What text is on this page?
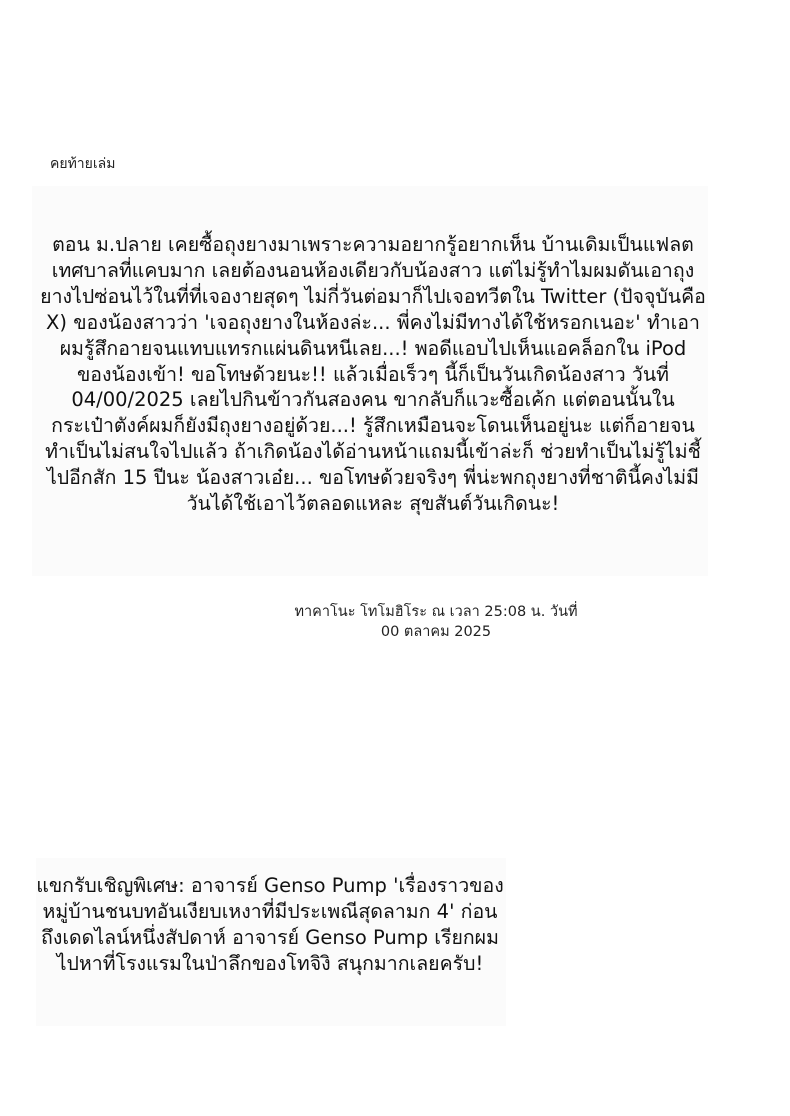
คยท้ายเล่ม
ตอน ม.ปลาย เคยซื้อถุงยางมาเพราะความอยากรู้อยากเห็น บ้านเดิมเป็นแฟลตเทศบาลที่แคบมาก เลยต้องนอนห้องเดียวกับน้องสาว แต่ไม่รู้ทำไมผมดันเอาถุงยางไปซ่อนไว้ในที่ที่เจองายสุดๆ ไม่กี่วันต่อมาก็ไปเจอทวีตใน Twitter (ปัจจุบันคือ X) ของน้องสาวว่า 'เจอถุงยางในห้องล่ะ... พี่คงไม่มีทางได้ใช้หรอกเนอะ' ทำเอาผมรู้สึกอายจนแทบแทรกแผ่นดินหนีเลย...! พอดีแอบไปเห็นแอคล็อกใน iPod ของน้องเข้า! ขอโทษด้วยนะ!! แล้วเมื่อเร็วๆ นี้ก็เป็นวันเกิดน้องสาว วันที่ 04/00/2025 เลยไปกินข้าวกันสองคน ขากลับก็แวะซื้อเค้ก แต่ตอนนั้นในกระเป๋าตังค์ผมก็ยังมีถุงยางอยู่ด้วย...! รู้สึกเหมือนจะโดนเห็นอยู่นะ แต่ก็อายจนทำเป็นไม่สนใจไปแล้ว ถ้าเกิดน้องได้อ่านหน้าแถมนี้เข้าล่ะก็ ช่วยทำเป็นไม่รู้ไม่ชี้ไปอีกสัก 15 ปีนะ น้องสาวเอ๋ย... ขอโทษด้วยจริงๆ พี่น่ะพกถุงยางที่ชาตินี้คงไม่มีวันได้ใช้เอาไว้ตลอดแหละ สุขสันต์วันเกิดนะ!
ทาคาโนะ โทโมฮิโระ ณ เวลา 25:08 น. วันที่ 00 ตลาคม 2025
แขกรับเชิญพิเศษ: อาจารย์ Genso Pump 'เรื่องราวของหมู่บ้านชนบทอันเงียบเหงาที่มีประเพณีสุดลามก 4' ก่อนถึงเดดไลน์หนึ่งสัปดาห์ อาจารย์ Genso Pump เรียกผมไปหาที่โรงแรมในป่าลึกของโทจิงิ สนุกมากเลยครับ!
